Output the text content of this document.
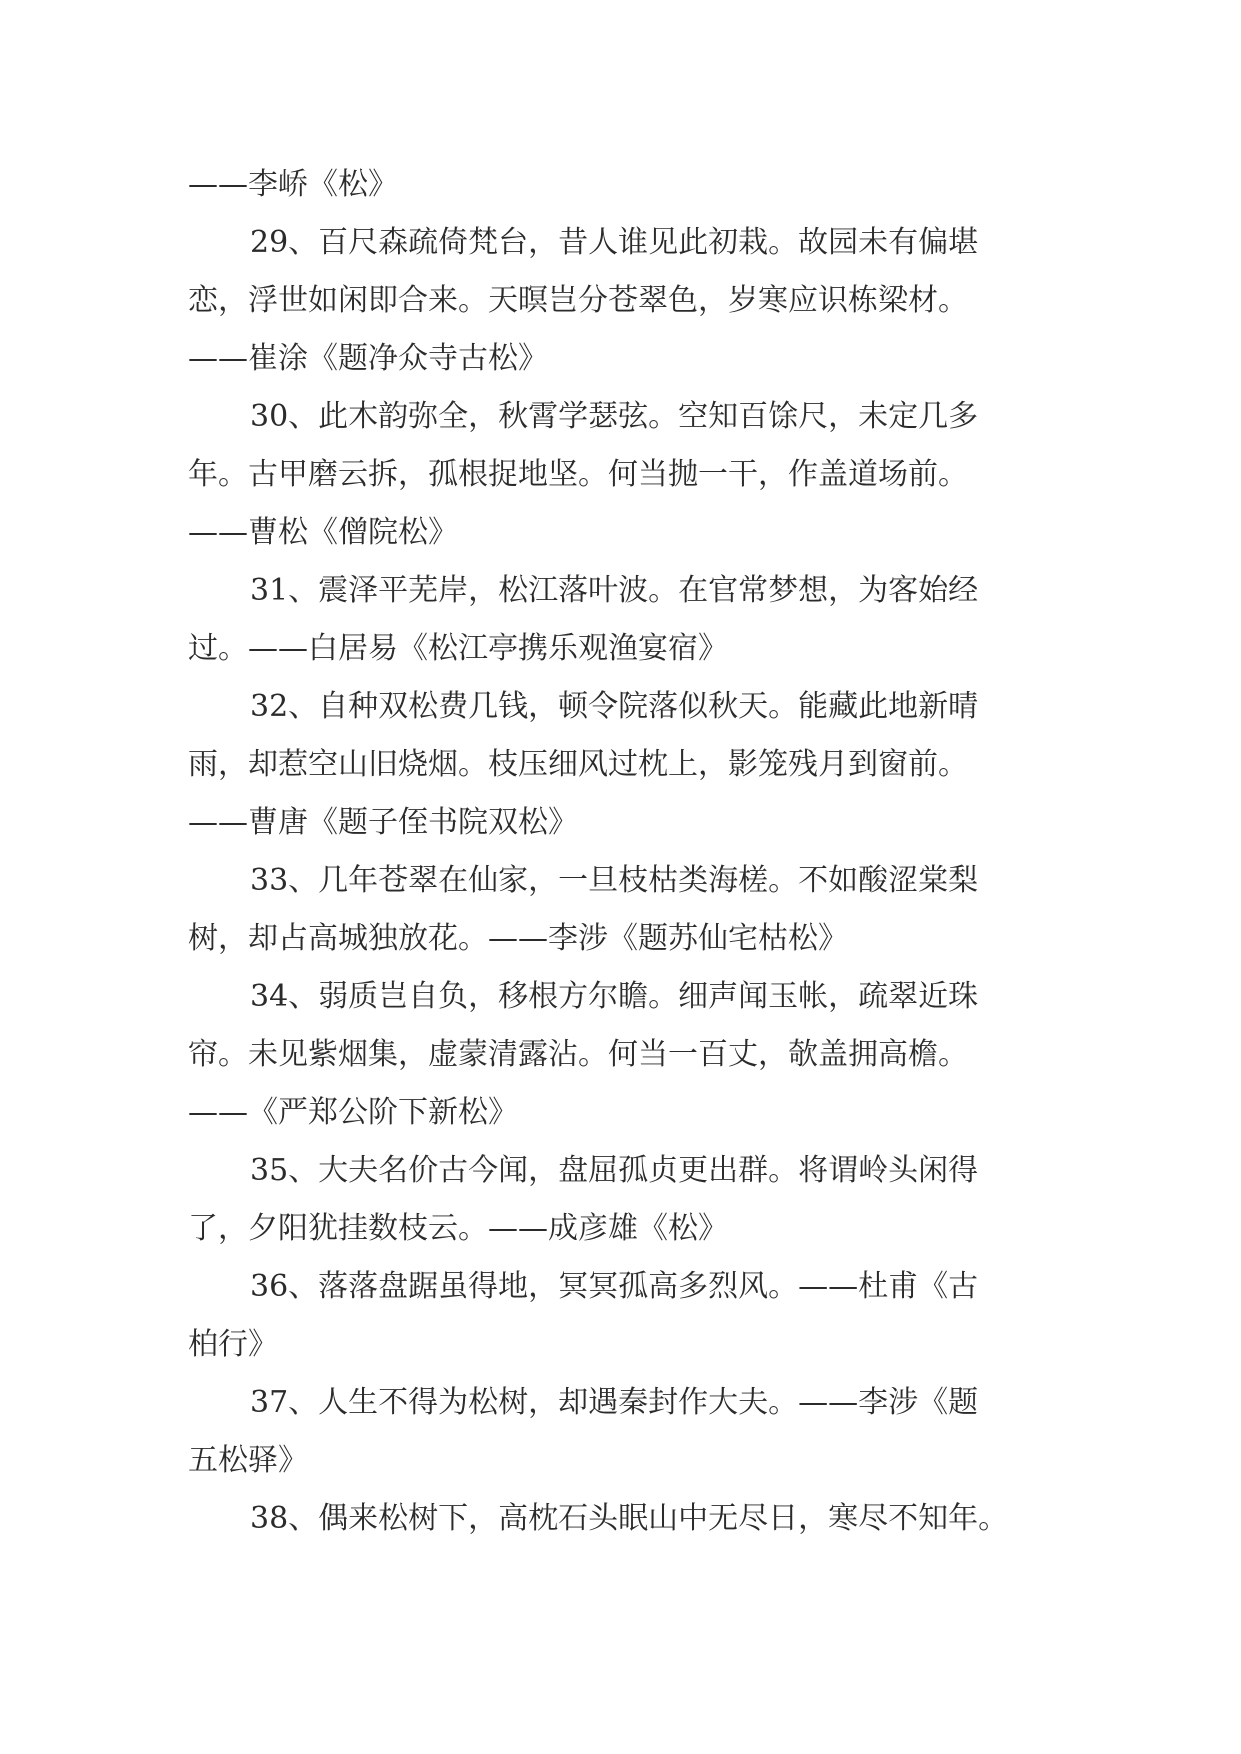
——李峤《松》
29、百尺森疏倚梵台，昔人谁见此初栽。故园未有偏堪
恋，浮世如闲即合来。天暝岂分苍翠色，岁寒应识栋梁材。
——崔涂《题净众寺古松》
30、此木韵弥全，秋霄学瑟弦。空知百馀尺，未定几多
年。古甲磨云拆，孤根捉地坚。何当抛一干，作盖道场前。
——曹松《僧院松》
31、震泽平芜岸，松江落叶波。在官常梦想，为客始经
过。——白居易《松江亭携乐观渔宴宿》
32、自种双松费几钱，顿令院落似秋天。能藏此地新晴
雨，却惹空山旧烧烟。枝压细风过枕上，影笼残月到窗前。
——曹唐《题子侄书院双松》
33、几年苍翠在仙家，一旦枝枯类海槎。不如酸涩棠梨
树，却占高城独放花。——李涉《题苏仙宅枯松》
34、弱质岂自负，移根方尔瞻。细声闻玉帐，疏翠近珠
帘。未见紫烟集，虚蒙清露沾。何当一百丈，欹盖拥高檐。
——《严郑公阶下新松》
35、大夫名价古今闻，盘屈孤贞更出群。将谓岭头闲得
了，夕阳犹挂数枝云。——成彦雄《松》
36、落落盘踞虽得地，冥冥孤高多烈风。——杜甫《古
柏行》
37、人生不得为松树，却遇秦封作大夫。——李涉《题
五松驿》
38、偶来松树下，高枕石头眠山中无尽日，寒尽不知年。
